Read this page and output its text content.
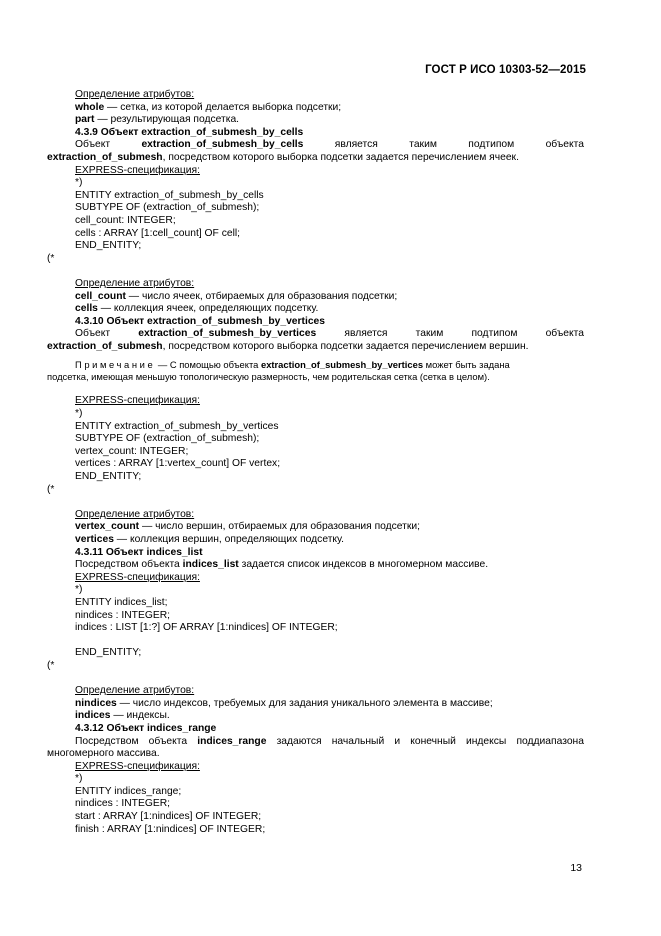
ГОСТ Р ИСО 10303-52—2015
Определение атрибутов:
whole — сетка, из которой делается выборка подсетки;
part — результирующая подсетка.
4.3.9 Объект extraction_of_submesh_by_cells
Объект	extraction_of_submesh_by_cells	является	таким	подтипом	объекта
extraction_of_submesh, посредством которого выборка подсетки задается перечислением ячеек.
EXPRESS-спецификация:
*)
ENTITY extraction_of_submesh_by_cells
SUBTYPE OF (extraction_of_submesh);
cell_count: INTEGER;
cells : ARRAY [1:cell_count] OF cell;
END_ENTITY;
(*
Определение атрибутов:
cell_count — число ячеек, отбираемых для образования подсетки;
cells — коллекция ячеек, определяющих подсетку.
4.3.10 Объект extraction_of_submesh_by_vertices
Объект	extraction_of_submesh_by_vertices	является	таким	подтипом	объекта
extraction_of_submesh, посредством которого выборка подсетки задается перечислением вершин.
Примечание — С помощью объекта extraction_of_submesh_by_vertices может быть задана
подсетка, имеющая меньшую топологическую размерность, чем родительская сетка (сетка в целом).
EXPRESS-спецификация:
*)
ENTITY extraction_of_submesh_by_vertices
SUBTYPE OF (extraction_of_submesh);
vertex_count: INTEGER;
vertices : ARRAY [1:vertex_count] OF vertex;
END_ENTITY;
(*
Определение атрибутов:
vertex_count — число вершин, отбираемых для образования подсетки;
vertices — коллекция вершин, определяющих подсетку.
4.3.11 Объект indices_list
Посредством объекта indices_list задается список индексов в многомерном массиве.
EXPRESS-спецификация:
*)
ENTITY indices_list;
nindices : INTEGER;
indices : LIST [1:?] OF ARRAY [1:nindices] OF INTEGER;
END_ENTITY;
(*
Определение атрибутов:
nindices — число индексов, требуемых для задания уникального элемента в массиве;
indices — индексы.
4.3.12 Объект indices_range
Посредством объекта indices_range задаются начальный и конечный индексы поддиапазона
многомерного массива.
EXPRESS-спецификация:
*)
ENTITY indices_range;
nindices : INTEGER;
start : ARRAY [1:nindices] OF INTEGER;
finish : ARRAY [1:nindices] OF INTEGER;
13
